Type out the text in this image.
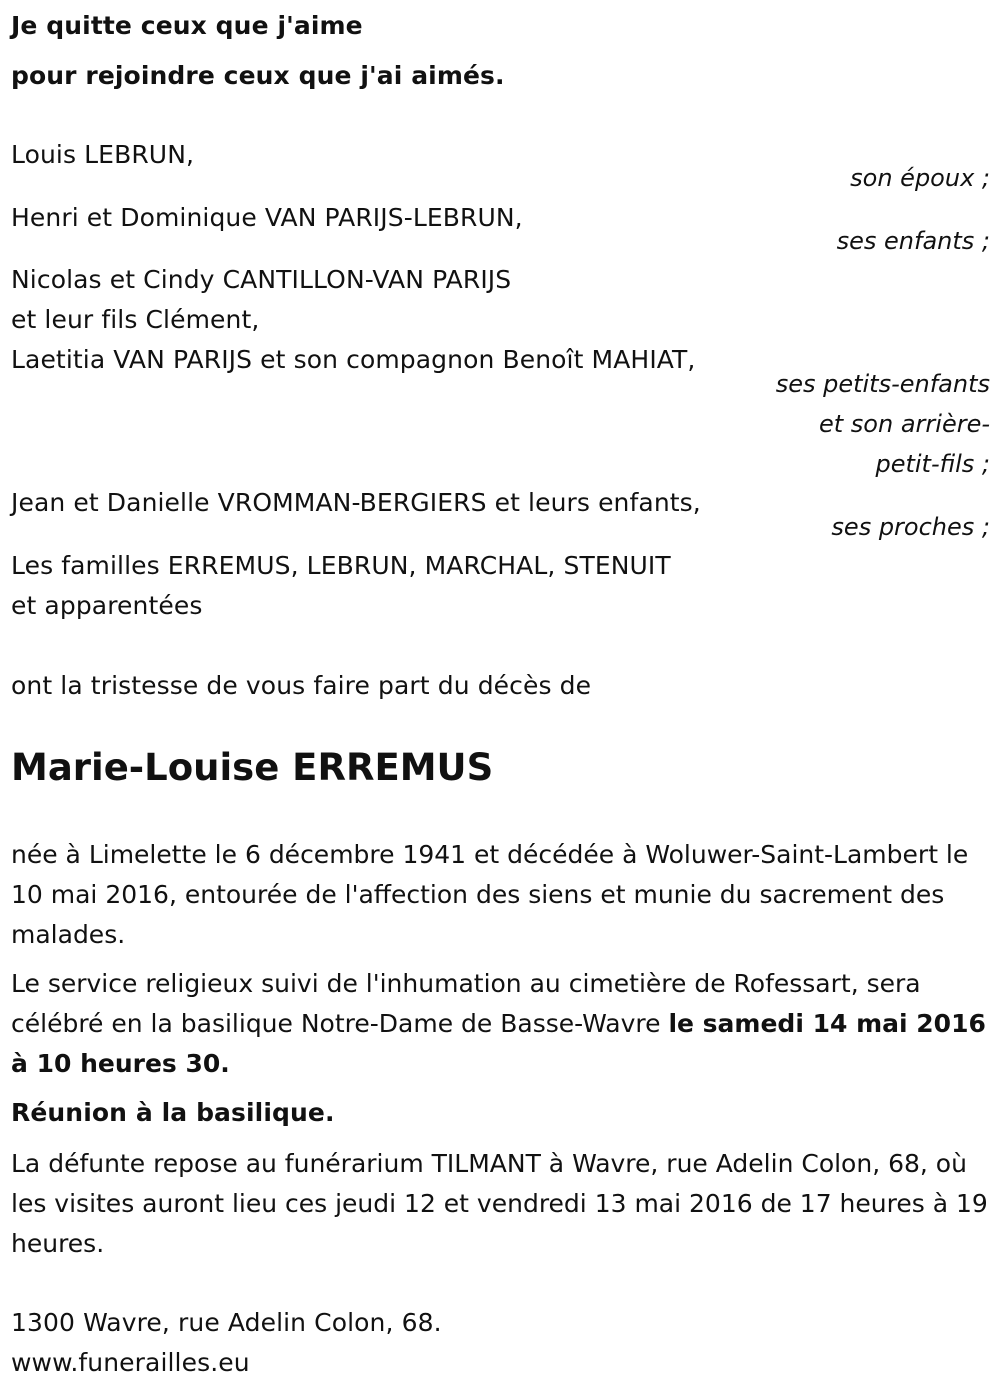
Je quitte ceux que j'aime

pour rejoindre ceux que j'ai aimés.

Louis LEBRUN,

son époux ;

Henri et Dominique VAN PARIJS-LEBRUN,

ses enfants ;

Nicolas et Cindy CANTILLON-VAN PARIJS

et leur fils Clément,

Laetitia VAN PARIJS et son compagnon Benoît MAHIAT,

ses petits-enfants

et son arrière-

petit-fils ;

Jean et Danielle VROMMAN-BERGIERS et leurs enfants,

ses proches ;

Les familles ERREMUS, LEBRUN, MARCHAL, STENUIT

et apparentées

ont la tristesse de vous faire part du décès de

Marie-Louise ERREMUS

née à Limelette le 6 décembre 1941 et décédée à Woluwer-Saint-Lambert le 10 mai 2016, entourée de l'affection des siens et munie du sacrement des malades.

Le service religieux suivi de l'inhumation au cimetière de Rofessart, sera célébré en la basilique Notre-Dame de Basse-Wavre le samedi 14 mai 2016 à 10 heures 30.

Réunion à la basilique.

La défunte repose au funérarium TILMANT à Wavre, rue Adelin Colon, 68, où les visites auront lieu ces jeudi 12 et vendredi 13 mai 2016 de 17 heures à 19 heures.

1300 Wavre, rue Adelin Colon, 68.

www.funerailles.eu
